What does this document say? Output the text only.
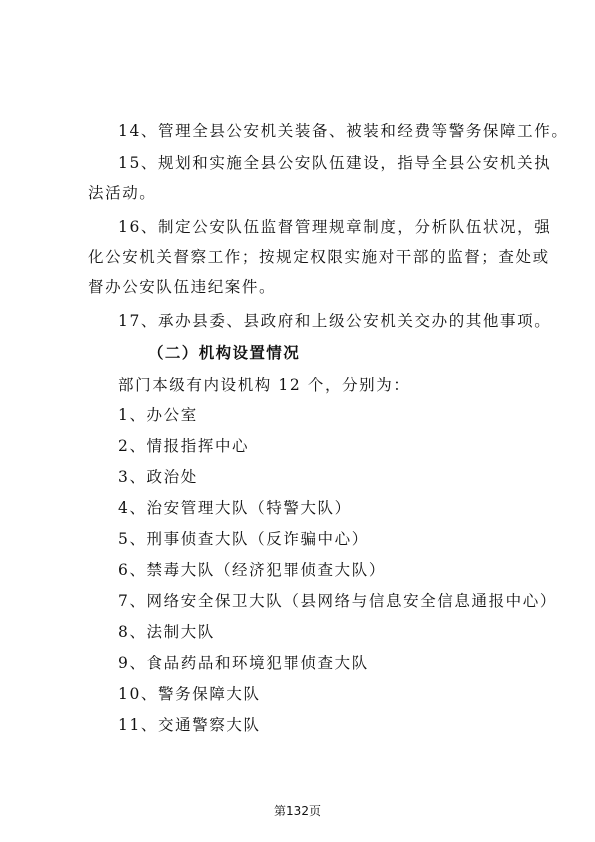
14、管理全县公安机关装备、被装和经费等警务保障工作。

15、规划和实施全县公安队伍建设，指导全县公安机关执

法活动。

16、制定公安队伍监督管理规章制度，分析队伍状况，强

化公安机关督察工作；按规定权限实施对干部的监督；查处或

督办公安队伍违纪案件。

17、承办县委、县政府和上级公安机关交办的其他事项。

（二）机构设置情况

部门本级有内设机构 12 个，分别为：

1、办公室

2、情报指挥中心

3、政治处

4、治安管理大队（特警大队）

5、刑事侦查大队（反诈骗中心）

6、禁毒大队（经济犯罪侦查大队）

7、网络安全保卫大队（县网络与信息安全信息通报中心）

8、法制大队

9、食品药品和环境犯罪侦查大队

10、警务保障大队

11、交通警察大队

第132页
